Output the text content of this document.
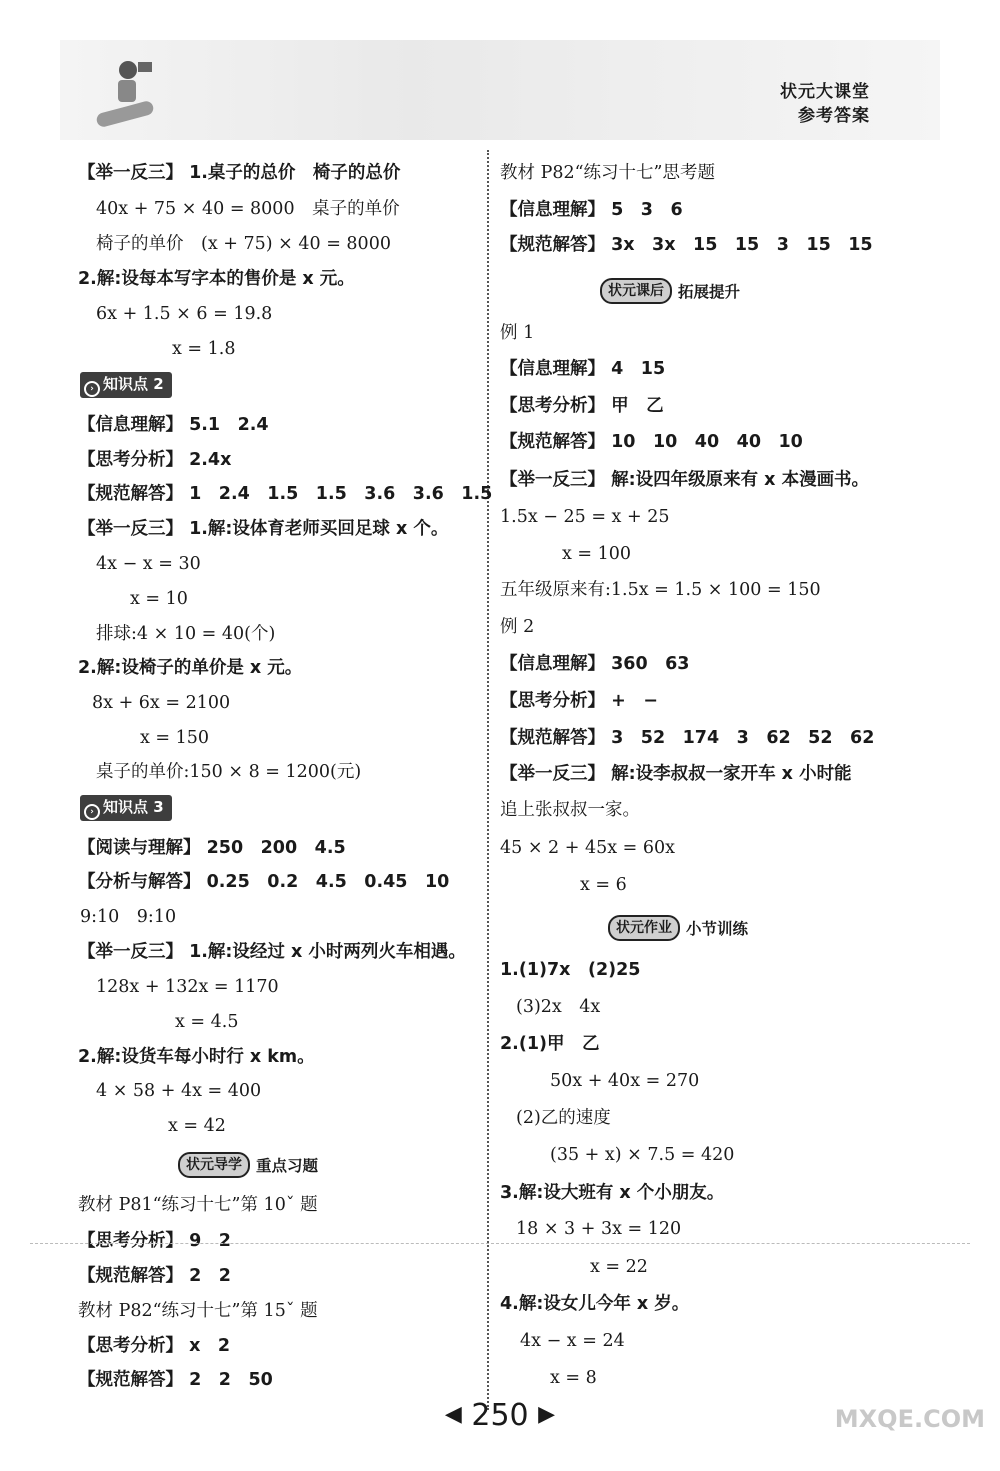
状元大课堂
参考答案
【举一反三】 1.桌子的总价　椅子的总价
40x + 75 × 40 = 8000　桌子的单价
椅子的单价　(x + 75) × 40 = 8000
2.解:设每本写字本的售价是 x 元。
6x + 1.5 × 6 = 19.8
x = 1.8
› 知识点 2
【信息理解】 5.1　2.4
【思考分析】 2.4x
【规范解答】 1　2.4　1.5　1.5　3.6　3.6　1.5
【举一反三】 1.解:设体育老师买回足球 x 个。
4x − x = 30
x = 10
排球:4 × 10 = 40(个)
2.解:设椅子的单价是 x 元。
8x + 6x = 2100
x = 150
桌子的单价:150 × 8 = 1200(元)
› 知识点 3
【阅读与理解】 250　200　4.5
【分析与解答】 0.25　0.2　4.5　0.45　10
9:10　9:10
【举一反三】 1.解:设经过 x 小时两列火车相遇。
128x + 132x = 1170
x = 4.5
2.解:设货车每小时行 x km。
4 × 58 + 4x = 400
x = 42
状元导学 重点习题
教材 P81“练习十七”第 10ˇ 题
【思考分析】 9　2
【规范解答】 2　2
教材 P82“练习十七”第 15ˇ 题
【思考分析】 x　2
【规范解答】 2　2　50
教材 P82“练习十七”思考题
【信息理解】 5　3　6
【规范解答】 3x　3x　15　15　3　15　15
状元课后 拓展提升
例 1
【信息理解】 4　15
【思考分析】 甲　乙
【规范解答】 10　10　40　40　10
【举一反三】 解:设四年级原来有 x 本漫画书。
1.5x − 25 = x + 25
x = 100
五年级原来有:1.5x = 1.5 × 100 = 150
例 2
【信息理解】 360　63
【思考分析】 +　−
【规范解答】 3　52　174　3　62　52　62
【举一反三】 解:设李叔叔一家开车 x 小时能
追上张叔叔一家。
45 × 2 + 45x = 60x
x = 6
状元作业 小节训练
1.(1)7x　(2)25
(3)2x　4x
2.(1)甲　乙
50x + 40x = 270
(2)乙的速度
(35 + x) × 7.5 = 420
3.解:设大班有 x 个小朋友。
18 × 3 + 3x = 120
x = 22
4.解:设女儿今年 x 岁。
4x − x = 24
x = 8
◀ 250 ▶	MXQE.COM
